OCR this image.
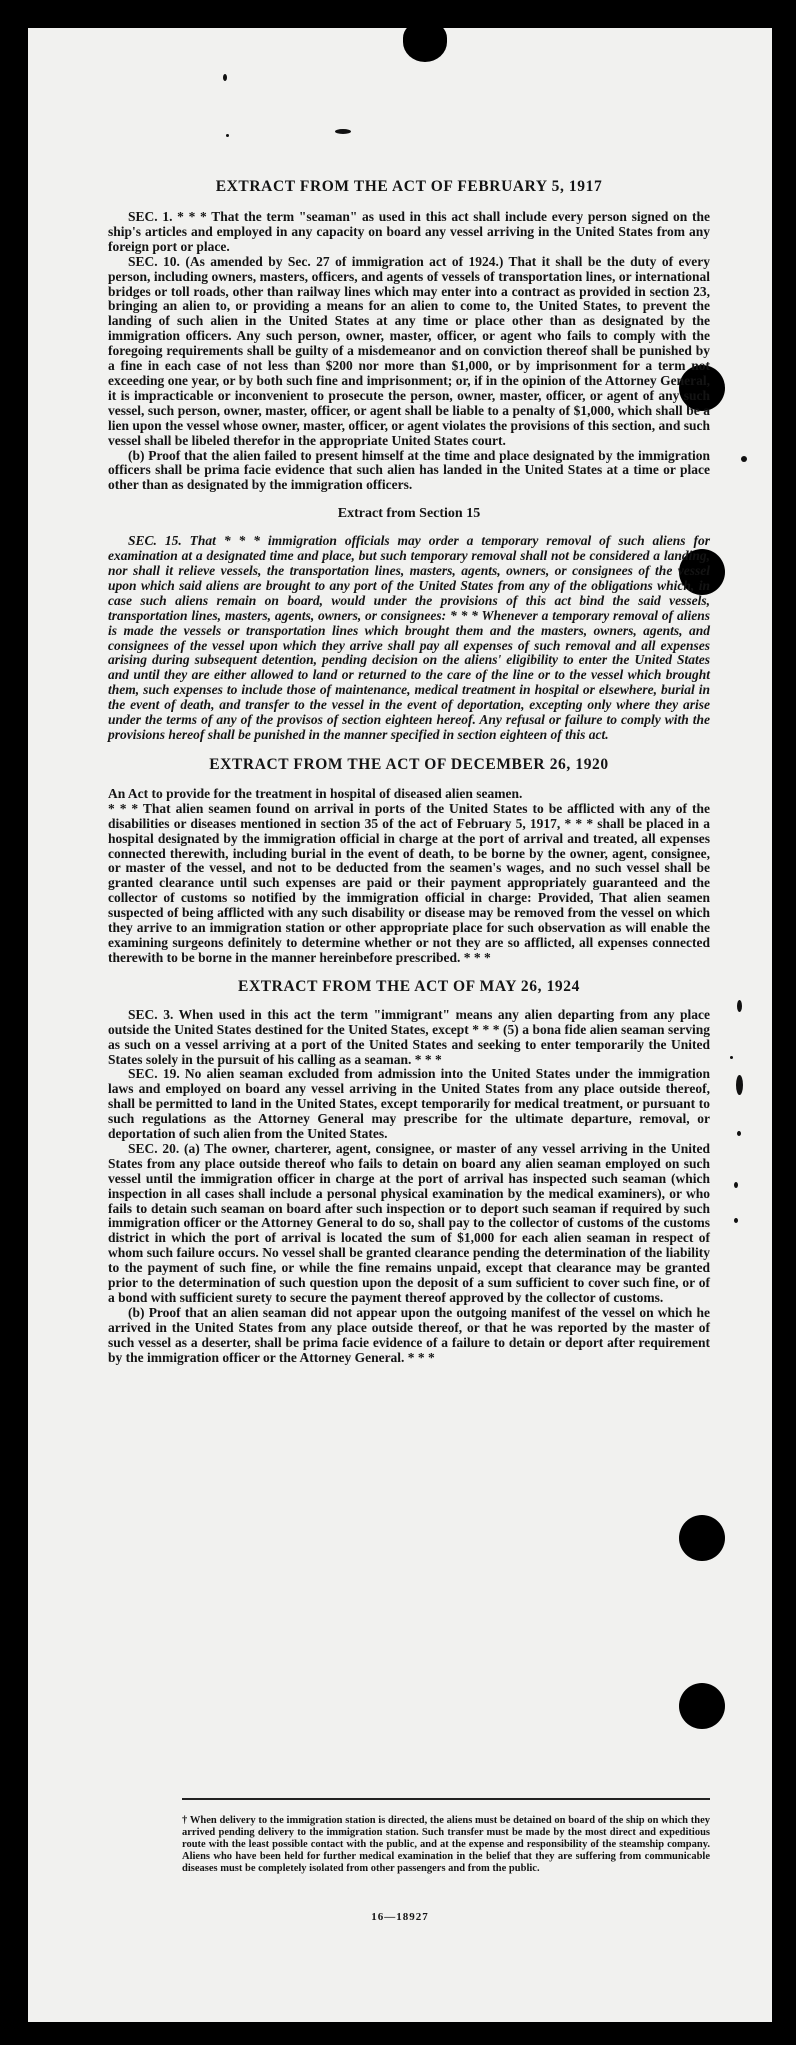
EXTRACT FROM THE ACT OF FEBRUARY 5, 1917

SEC. 1. * * * That the term "seaman" as used in this act shall include every person signed on the ship's articles and employed in any capacity on board any vessel arriving in the United States from any foreign port or place.

SEC. 10. (As amended by Sec. 27 of immigration act of 1924.) That it shall be the duty of every person, including owners, masters, officers, and agents of vessels of transportation lines, or international bridges or toll roads, other than railway lines which may enter into a contract as provided in section 23, bringing an alien to, or providing a means for an alien to come to, the United States, to prevent the landing of such alien in the United States at any time or place other than as designated by the immigration officers. Any such person, owner, master, officer, or agent who fails to comply with the foregoing requirements shall be guilty of a misdemeanor and on conviction thereof shall be punished by a fine in each case of not less than $200 nor more than $1,000, or by imprisonment for a term not exceeding one year, or by both such fine and imprisonment; or, if in the opinion of the Attorney General, it is impracticable or inconvenient to prosecute the person, owner, master, officer, or agent of any such vessel, such person, owner, master, officer, or agent shall be liable to a penalty of $1,000, which shall be a lien upon the vessel whose owner, master, officer, or agent violates the provisions of this section, and such vessel shall be libeled therefor in the appropriate United States court.

(b) Proof that the alien failed to present himself at the time and place designated by the immigration officers shall be prima facie evidence that such alien has landed in the United States at a time or place other than as designated by the immigration officers.

Extract from Section 15

SEC. 15. That * * * immigration officials may order a temporary removal of such aliens for examination at a designated time and place, but such temporary removal shall not be considered a landing, nor shall it relieve vessels, the transportation lines, masters, agents, owners, or consignees of the vessel upon which said aliens are brought to any port of the United States from any of the obligations which, in case such aliens remain on board, would under the provisions of this act bind the said vessels, transportation lines, masters, agents, owners, or consignees: * * * Whenever a temporary removal of aliens is made the vessels or transportation lines which brought them and the masters, owners, agents, and consignees of the vessel upon which they arrive shall pay all expenses of such removal and all expenses arising during subsequent detention, pending decision on the aliens' eligibility to enter the United States and until they are either allowed to land or returned to the care of the line or to the vessel which brought them, such expenses to include those of maintenance, medical treatment in hospital or elsewhere, burial in the event of death, and transfer to the vessel in the event of deportation, excepting only where they arise under the terms of any of the provisos of section eighteen hereof. Any refusal or failure to comply with the provisions hereof shall be punished in the manner specified in section eighteen of this act.

EXTRACT FROM THE ACT OF DECEMBER 26, 1920

An Act to provide for the treatment in hospital of diseased alien seamen.

* * * That alien seamen found on arrival in ports of the United States to be afflicted with any of the disabilities or diseases mentioned in section 35 of the act of February 5, 1917, * * * shall be placed in a hospital designated by the immigration official in charge at the port of arrival and treated, all expenses connected therewith, including burial in the event of death, to be borne by the owner, agent, consignee, or master of the vessel, and not to be deducted from the seamen's wages, and no such vessel shall be granted clearance until such expenses are paid or their payment appropriately guaranteed and the collector of customs so notified by the immigration official in charge: Provided, That alien seamen suspected of being afflicted with any such disability or disease may be removed from the vessel on which they arrive to an immigration station or other appropriate place for such observation as will enable the examining surgeons definitely to determine whether or not they are so afflicted, all expenses connected therewith to be borne in the manner hereinbefore prescribed. * * *

EXTRACT FROM THE ACT OF MAY 26, 1924

SEC. 3. When used in this act the term "immigrant" means any alien departing from any place outside the United States destined for the United States, except * * * (5) a bona fide alien seaman serving as such on a vessel arriving at a port of the United States and seeking to enter temporarily the United States solely in the pursuit of his calling as a seaman. * * *

SEC. 19. No alien seaman excluded from admission into the United States under the immigration laws and employed on board any vessel arriving in the United States from any place outside thereof, shall be permitted to land in the United States, except temporarily for medical treatment, or pursuant to such regulations as the Attorney General may prescribe for the ultimate departure, removal, or deportation of such alien from the United States.

SEC. 20. (a) The owner, charterer, agent, consignee, or master of any vessel arriving in the United States from any place outside thereof who fails to detain on board any alien seaman employed on such vessel until the immigration officer in charge at the port of arrival has inspected such seaman (which inspection in all cases shall include a personal physical examination by the medical examiners), or who fails to detain such seaman on board after such inspection or to deport such seaman if required by such immigration officer or the Attorney General to do so, shall pay to the collector of customs of the customs district in which the port of arrival is located the sum of $1,000 for each alien seaman in respect of whom such failure occurs. No vessel shall be granted clearance pending the determination of the liability to the payment of such fine, or while the fine remains unpaid, except that clearance may be granted prior to the determination of such question upon the deposit of a sum sufficient to cover such fine, or of a bond with sufficient surety to secure the payment thereof approved by the collector of customs.

(b) Proof that an alien seaman did not appear upon the outgoing manifest of the vessel on which he arrived in the United States from any place outside thereof, or that he was reported by the master of such vessel as a deserter, shall be prima facie evidence of a failure to detain or deport after requirement by the immigration officer or the Attorney General. * * *

† When delivery to the immigration station is directed, the aliens must be detained on board of the ship on which they arrived pending delivery to the immigration station. Such transfer must be made by the most direct and expeditious route with the least possible contact with the public, and at the expense and responsibility of the steamship company. Aliens who have been held for further medical examination in the belief that they are suffering from communicable diseases must be completely isolated from other passengers and from the public.
16—18927
